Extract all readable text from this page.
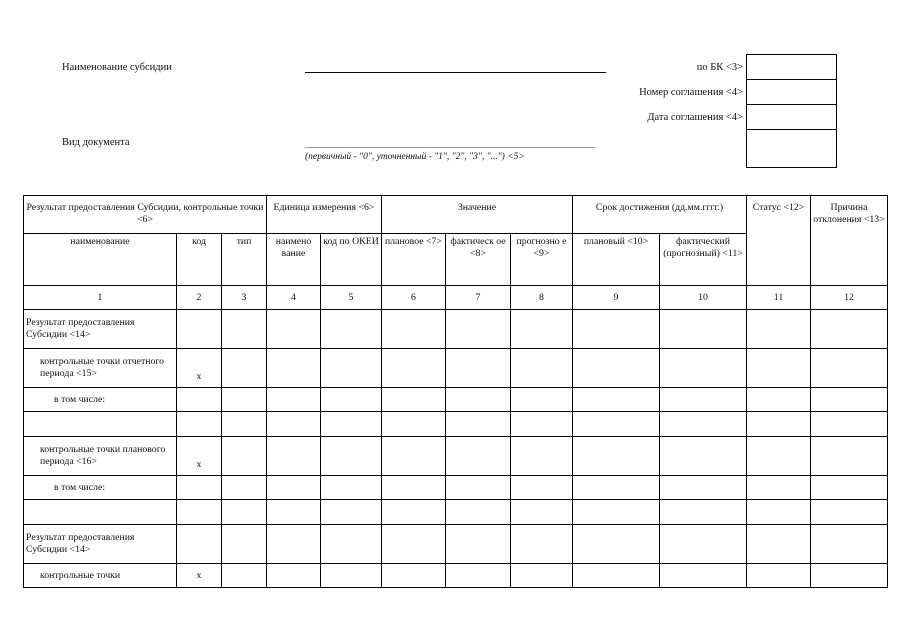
Наименование субсидии
Вид документа
(первичный - "0", уточненный - "1", "2", "3", "...") <5>
по БК <3>
Номер соглашения <4>
Дата соглашения <4>
Результат предоставления Субсидии, контрольные точки <6>			Единица измерения <6>		Значение			Срок достижения (дд.мм.гггг.)		Статус <12>	Причина отклонения <13>
наименование	код	тип	наимено вание	код по ОКЕИ	плановое <7>	фактическ ое <8>	прогнозно е <9>	плановый <10>	фактический (прогнозный) <11>		
1	2	3	4	5	6	7	8	9	10	11	12
Результат предоставления Субсидии <14>											
контрольные точки отчетного периода <15>	x										
в том числе:											

контрольные точки планового периода <16>	x										
в том числе:											

Результат предоставления Субсидии <14>											
контрольные точки	x										
